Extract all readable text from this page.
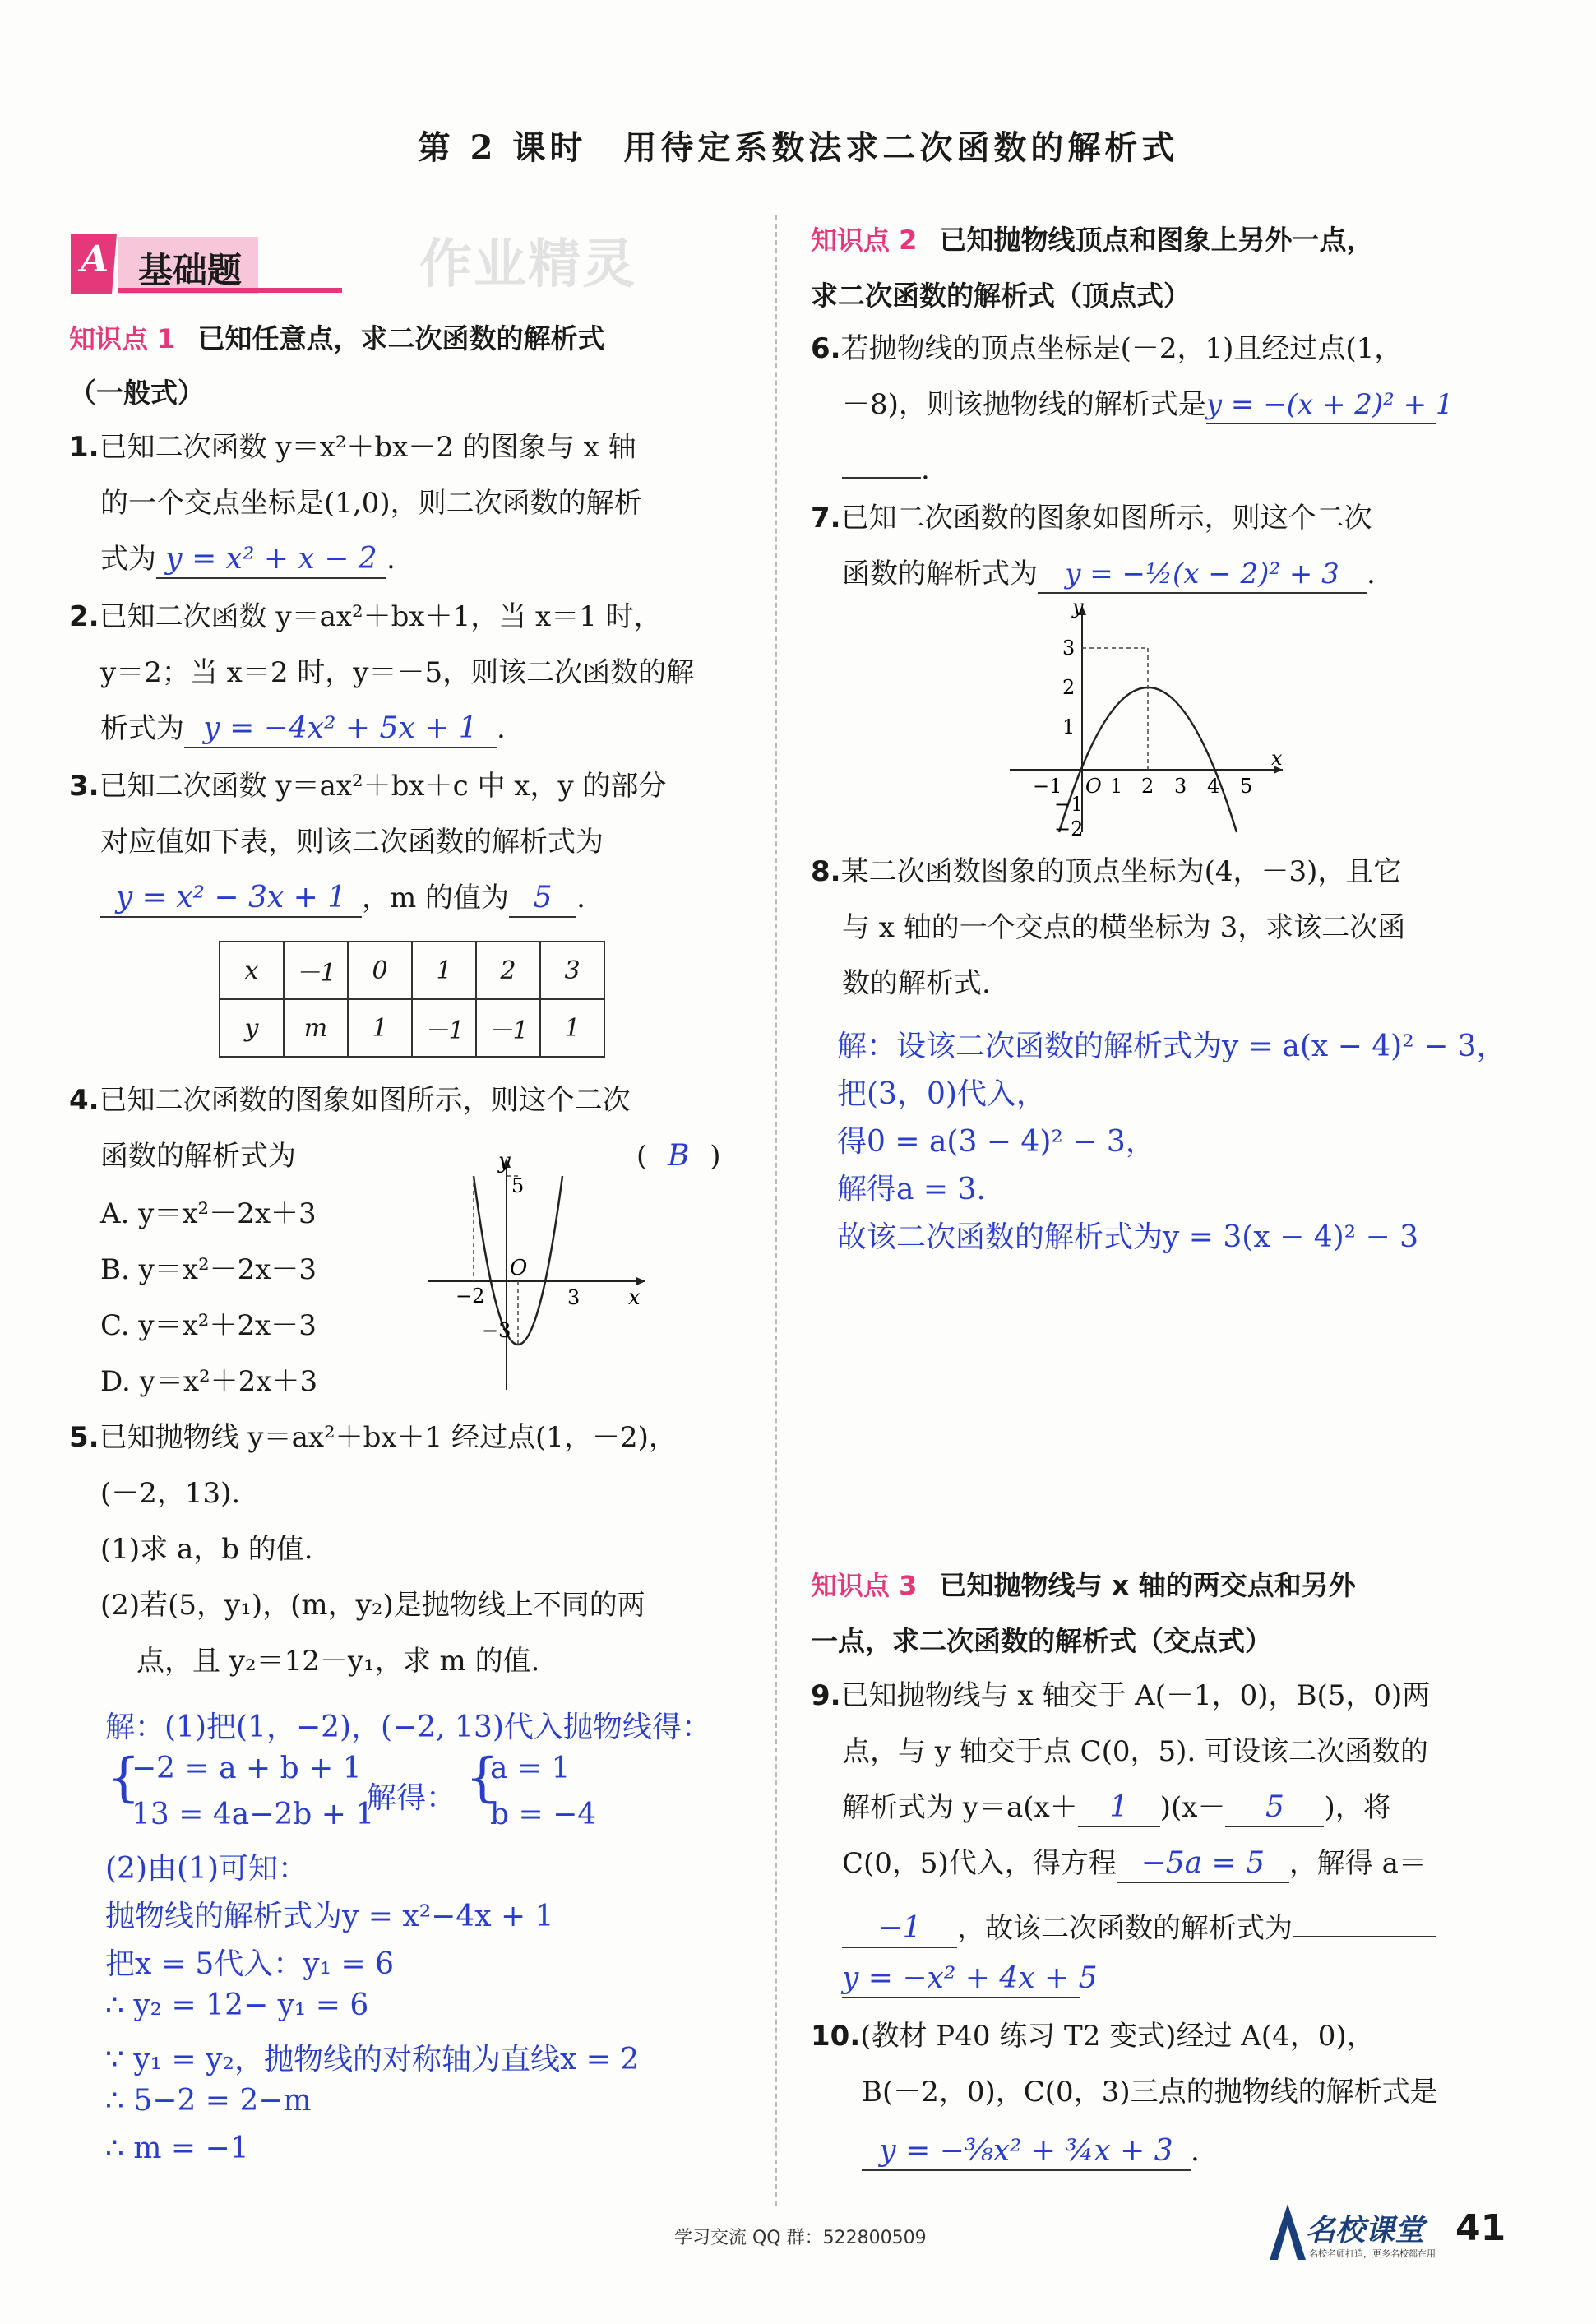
第 2 课时　用待定系数法求二次函数的解析式
A 基础题	作业精灵
知识点 1 已知任意点，求二次函数的解析式
（一般式）
1.已知二次函数 y＝x²＋bx－2 的图象与 x 轴
的一个交点坐标是(1,0)，则二次函数的解析
式为 y = x² + x − 2 .
2.已知二次函数 y＝ax²＋bx＋1，当 x＝1 时，
y＝2；当 x＝2 时，y＝－5，则该二次函数的解
析式为 y = −4x² + 5x + 1 .
3.已知二次函数 y＝ax²＋bx＋c 中 x，y 的部分
对应值如下表，则该二次函数的解析式为
y = x² − 3x + 1 ，m 的值为 5 .
x	－1	0	1	2	3
y	m	1	－1	－1	1
4.已知二次函数的图象如图所示，则这个二次
函数的解析式为	( B )
A. y＝x²－2x＋3
B. y＝x²－2x－3
C. y＝x²＋2x－3
D. y＝x²＋2x＋3
y
x
O
5
−2	3
−3
5.已知抛物线 y＝ax²＋bx＋1 经过点(1，－2)，
(－2，13).
(1)求 a，b 的值.
(2)若(5，y₁)，(m，y₂)是抛物线上不同的两
点，且 y₂＝12－y₁，求 m 的值.
解：(1)把(1，−2)，(−2, 13)代入抛物线得：
{
−2 = a + b + 1
13 = 4a−2b + 1
解得： {
a = 1
b = −4
(2)由(1)可知：
抛物线的解析式为y = x²−4x + 1
把x = 5代入：y₁ = 6
∴ y₂ = 12− y₁ = 6
∵ y₁ = y₂，抛物线的对称轴为直线x = 2
∴ 5−2 = 2−m
∴ m = −1
知识点 2 已知抛物线顶点和图象上另外一点，
求二次函数的解析式（顶点式）
6.若抛物线的顶点坐标是(－2，1)且经过点(1，
－8)，则该抛物线的解析式是y = −(x + 2)² + 1
.
7.已知二次函数的图象如图所示，则这个二次
函数的解析式为 y = −½(x − 2)² + 3 .
y
x
3
2
1
−1 O 1 2 3 4 5
−1
−2
8.某二次函数图象的顶点坐标为(4，－3)，且它
与 x 轴的一个交点的横坐标为 3，求该二次函
数的解析式.
解：设该二次函数的解析式为y = a(x − 4)² − 3，
把(3，0)代入，
得0 = a(3 − 4)² − 3，
解得a = 3.
故该二次函数的解析式为y = 3(x − 4)² − 3
知识点 3 已知抛物线与 x 轴的两交点和另外
一点，求二次函数的解析式（交点式）
9.已知抛物线与 x 轴交于 A(－1，0)，B(5，0)两
点，与 y 轴交于点 C(0，5). 可设该二次函数的
解析式为 y＝a(x＋ 1 )(x－ 5 )，将
C(0，5)代入，得方程 −5a = 5 ，解得 a＝
−1 ，故该二次函数的解析式为
y = −x² + 4x + 5
10.(教材 P40 练习 T2 变式)经过 A(4，0)，
B(－2，0)，C(0，3)三点的抛物线的解析式是
y = −⅜x² + ¾x + 3 .
学习交流 QQ 群：522800509	名校课堂
名校名师打造，更多名校都在用
41
